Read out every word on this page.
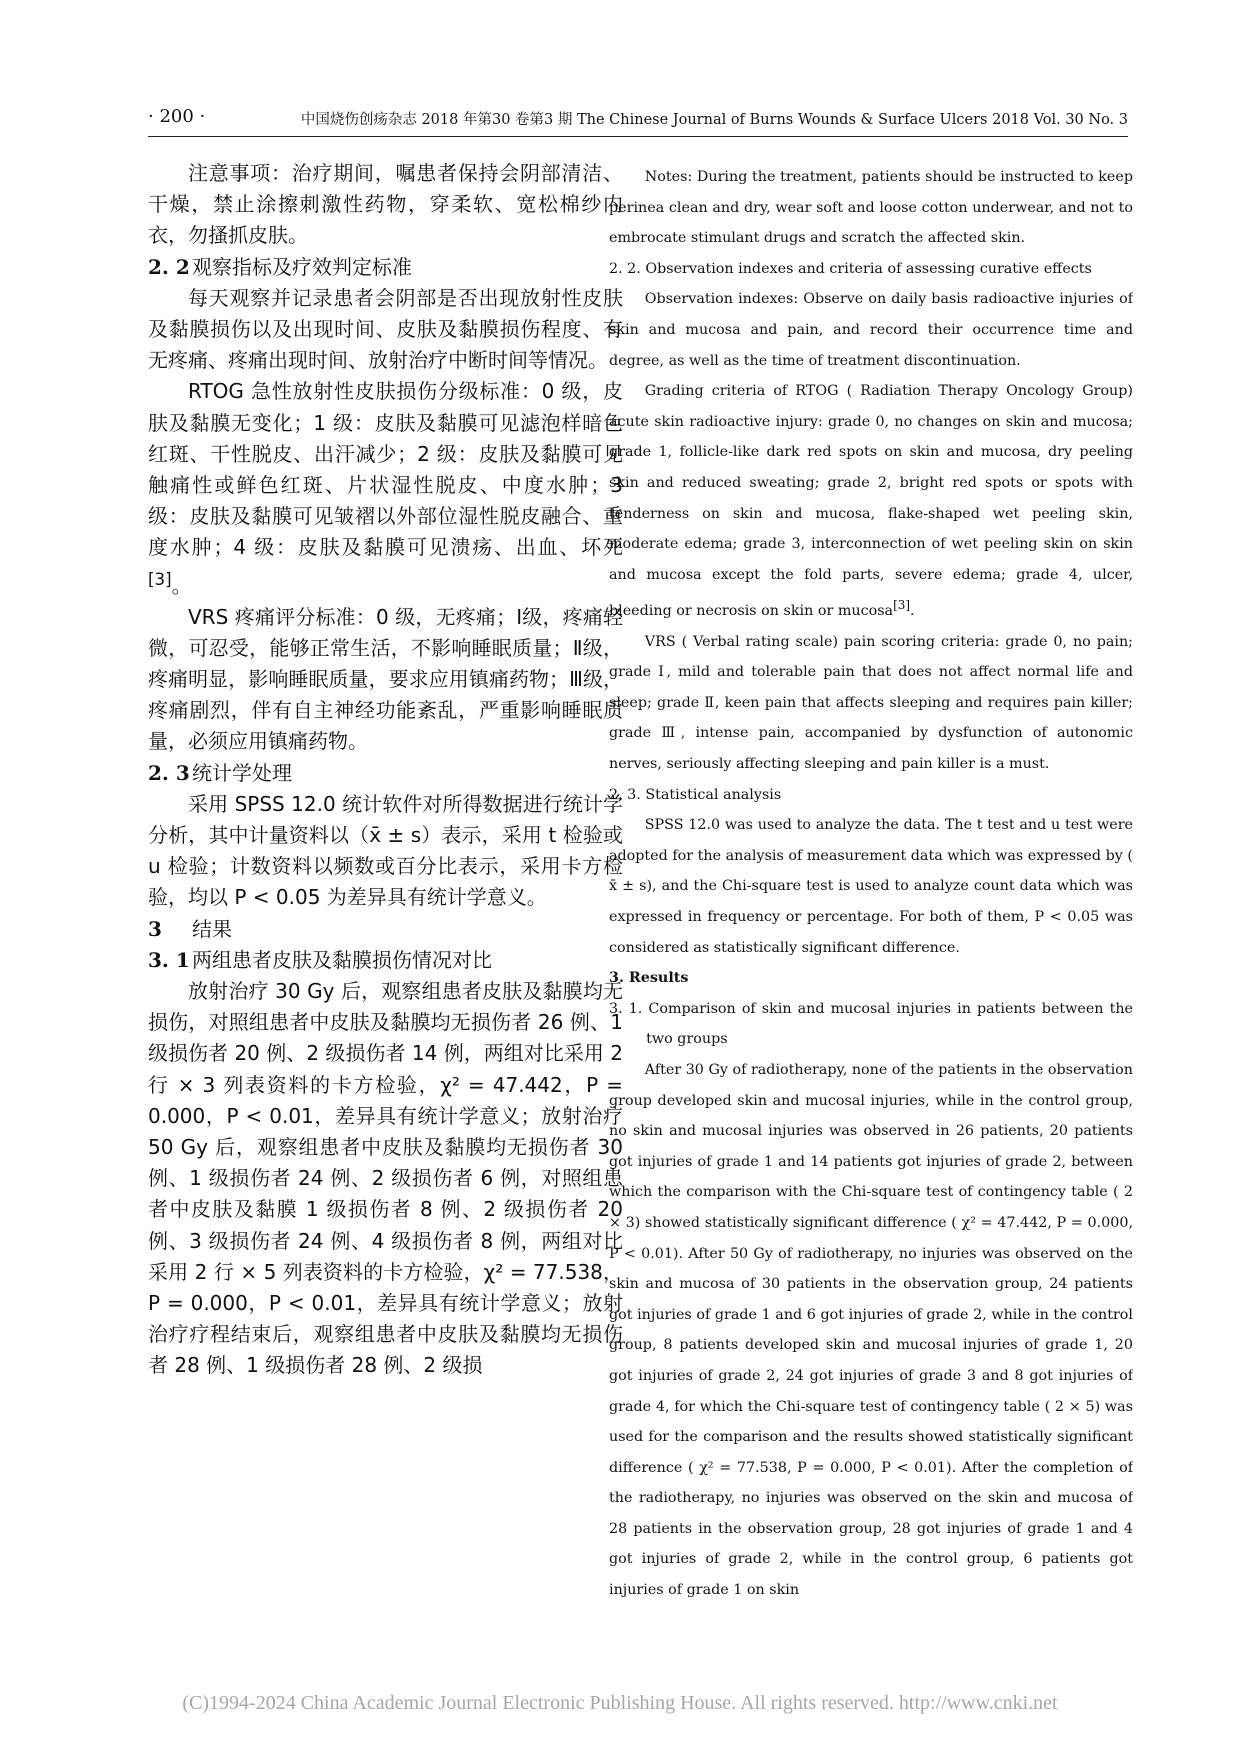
· 200 ·	中国烧伤创疡杂志 2018 年第30 卷第3 期 The Chinese Journal of Burns Wounds & Surface Ulcers 2018 Vol. 30 No. 3

注意事项：治疗期间，嘱患者保持会阴部清洁、干燥，禁止涂擦刺激性药物，穿柔软、宽松棉纱内衣，勿搔抓皮肤。

2. 2 观察指标及疗效判定标准

每天观察并记录患者会阴部是否出现放射性皮肤及黏膜损伤以及出现时间、皮肤及黏膜损伤程度、有无疼痛、疼痛出现时间、放射治疗中断时间等情况。

RTOG 急性放射性皮肤损伤分级标准：0 级，皮肤及黏膜无变化；1 级：皮肤及黏膜可见滤泡样暗色红斑、干性脱皮、出汗减少；2 级：皮肤及黏膜可见触痛性或鲜色红斑、片状湿性脱皮、中度水肿；3 级：皮肤及黏膜可见皱褶以外部位湿性脱皮融合、重度水肿；4 级：皮肤及黏膜可见溃疡、出血、坏死[3]。

VRS 疼痛评分标准：0 级，无疼痛；Ⅰ级，疼痛轻微，可忍受，能够正常生活，不影响睡眠质量；Ⅱ级，疼痛明显，影响睡眠质量，要求应用镇痛药物；Ⅲ级，疼痛剧烈，伴有自主神经功能紊乱，严重影响睡眠质量，必须应用镇痛药物。

2. 3 统计学处理

采用 SPSS 12.0 统计软件对所得数据进行统计学分析，其中计量资料以（x̄ ± s）表示，采用 t 检验或 u 检验；计数资料以频数或百分比表示，采用卡方检验，均以 P < 0.05 为差异具有统计学意义。

3 结果
3. 1 两组患者皮肤及黏膜损伤情况对比

放射治疗 30 Gy 后，观察组患者皮肤及黏膜均无损伤，对照组患者中皮肤及黏膜均无损伤者 26 例、1 级损伤者 20 例、2 级损伤者 14 例，两组对比采用 2 行 × 3 列表资料的卡方检验，χ² = 47.442，P = 0.000，P < 0.01，差异具有统计学意义；放射治疗 50 Gy 后，观察组患者中皮肤及黏膜均无损伤者 30 例、1 级损伤者 24 例、2 级损伤者 6 例，对照组患者中皮肤及黏膜 1 级损伤者 8 例、2 级损伤者 20 例、3 级损伤者 24 例、4 级损伤者 8 例，两组对比采用 2 行 × 5 列表资料的卡方检验，χ² = 77.538，P = 0.000，P < 0.01，差异具有统计学意义；放射治疗疗程结束后，观察组患者中皮肤及黏膜均无损伤者 28 例、1 级损伤者 28 例、2 级损

Notes: During the treatment, patients should be instructed to keep perinea clean and dry, wear soft and loose cotton underwear, and not to embrocate stimulant drugs and scratch the affected skin.

2. 2. Observation indexes and criteria of assessing curative effects

Observation indexes: Observe on daily basis radioactive injuries of skin and mucosa and pain, and record their occurrence time and degree, as well as the time of treatment discontinuation.

Grading criteria of RTOG ( Radiation Therapy Oncology Group) acute skin radioactive injury: grade 0, no changes on skin and mucosa; grade 1, follicle-like dark red spots on skin and mucosa, dry peeling skin and reduced sweating; grade 2, bright red spots or spots with tenderness on skin and mucosa, flake-shaped wet peeling skin, moderate edema; grade 3, interconnection of wet peeling skin on skin and mucosa except the fold parts, severe edema; grade 4, ulcer, bleeding or necrosis on skin or mucosa[3].

VRS ( Verbal rating scale) pain scoring criteria: grade 0, no pain; grade Ⅰ, mild and tolerable pain that does not affect normal life and sleep; grade Ⅱ, keen pain that affects sleeping and requires pain killer; grade Ⅲ, intense pain, accompanied by dysfunction of autonomic nerves, seriously affecting sleeping and pain killer is a must.

2. 3. Statistical analysis

SPSS 12.0 was used to analyze the data. The t test and u test were adopted for the analysis of measurement data which was expressed by ( x̄ ± s), and the Chi-square test is used to analyze count data which was expressed in frequency or percentage. For both of them, P < 0.05 was considered as statistically significant difference.

3. Results
3. 1. Comparison of skin and mucosal injuries in patients between the two groups

After 30 Gy of radiotherapy, none of the patients in the observation group developed skin and mucosal injuries, while in the control group, no skin and mucosal injuries was observed in 26 patients, 20 patients got injuries of grade 1 and 14 patients got injuries of grade 2, between which the comparison with the Chi-square test of contingency table ( 2 × 3) showed statistically significant difference ( χ² = 47.442, P = 0.000, P < 0.01). After 50 Gy of radiotherapy, no injuries was observed on the skin and mucosa of 30 patients in the observation group, 24 patients got injuries of grade 1 and 6 got injuries of grade 2, while in the control group, 8 patients developed skin and mucosal injuries of grade 1, 20 got injuries of grade 2, 24 got injuries of grade 3 and 8 got injuries of grade 4, for which the Chi-square test of contingency table ( 2 × 5) was used for the comparison and the results showed statistically significant difference ( χ² = 77.538, P = 0.000, P < 0.01). After the completion of the radiotherapy, no injuries was observed on the skin and mucosa of 28 patients in the observation group, 28 got injuries of grade 1 and 4 got injuries of grade 2, while in the control group, 6 patients got injuries of grade 1 on skin

(C)1994-2024 China Academic Journal Electronic Publishing House. All rights reserved. http://www.cnki.net
